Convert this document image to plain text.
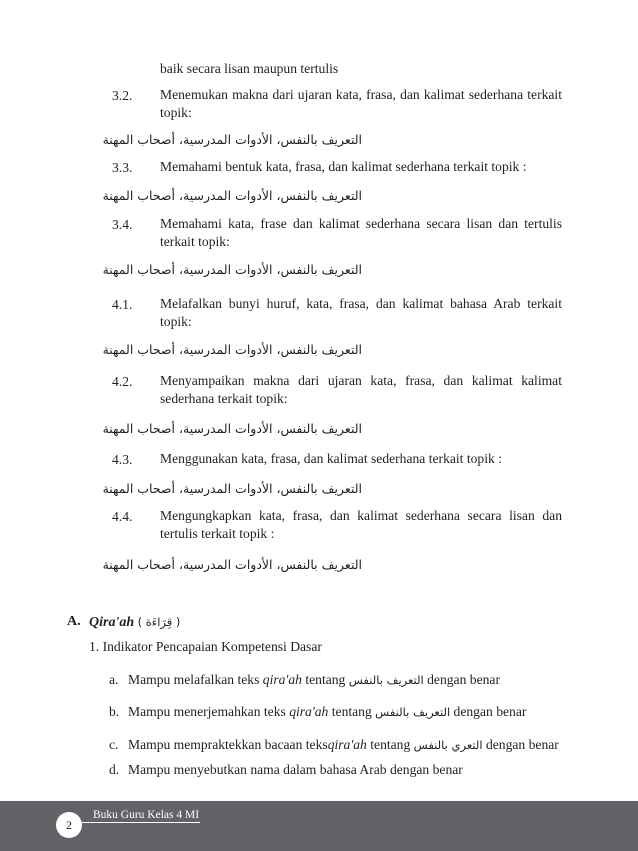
baik secara lisan maupun tertulis
3.2. Menemukan makna dari ujaran kata, frasa, dan kalimat sederhana terkait topik:
التعريف بالنفس، الأدوات المدرسية، أصحاب المهنة
3.3. Memahami bentuk kata, frasa, dan kalimat sederhana terkait topik :
التعريف بالنفس، الأدوات المدرسية، أصحاب المهنة
3.4. Memahami kata, frase dan kalimat sederhana secara lisan dan tertulis terkait topik:
التعريف بالنفس، الأدوات المدرسية، أصحاب المهنة
4.1. Melafalkan bunyi huruf, kata, frasa, dan kalimat bahasa Arab terkait topik:
التعريف بالنفس، الأدوات المدرسية، أصحاب المهنة
4.2. Menyampaikan makna dari ujaran kata, frasa, dan kalimat kalimat sederhana terkait topik:
التعريف بالنفس، الأدوات المدرسية، أصحاب المهنة
4.3. Menggunakan kata, frasa, dan kalimat sederhana terkait topik :
التعريف بالنفس، الأدوات المدرسية، أصحاب المهنة
4.4. Mengungkapkan kata, frasa, dan kalimat sederhana secara lisan dan tertulis terkait topik :
التعريف بالنفس، الأدوات المدرسية، أصحاب المهنة
A. Qira'ah ( قِرَاءَة )
1. Indikator Pencapaian Kompetensi Dasar
a. Mampu melafalkan teks qira'ah tentang التعريف بالنفس dengan benar
b. Mampu menerjemahkan teks qira'ah tentang التعريف بالنفس dengan benar
c. Mampu mempraktekkan bacaan teksqira'ah tentang التعري بالنفس dengan benar
d. Mampu menyebutkan nama dalam bahasa Arab dengan benar
2
Buku Guru Kelas 4 MI
